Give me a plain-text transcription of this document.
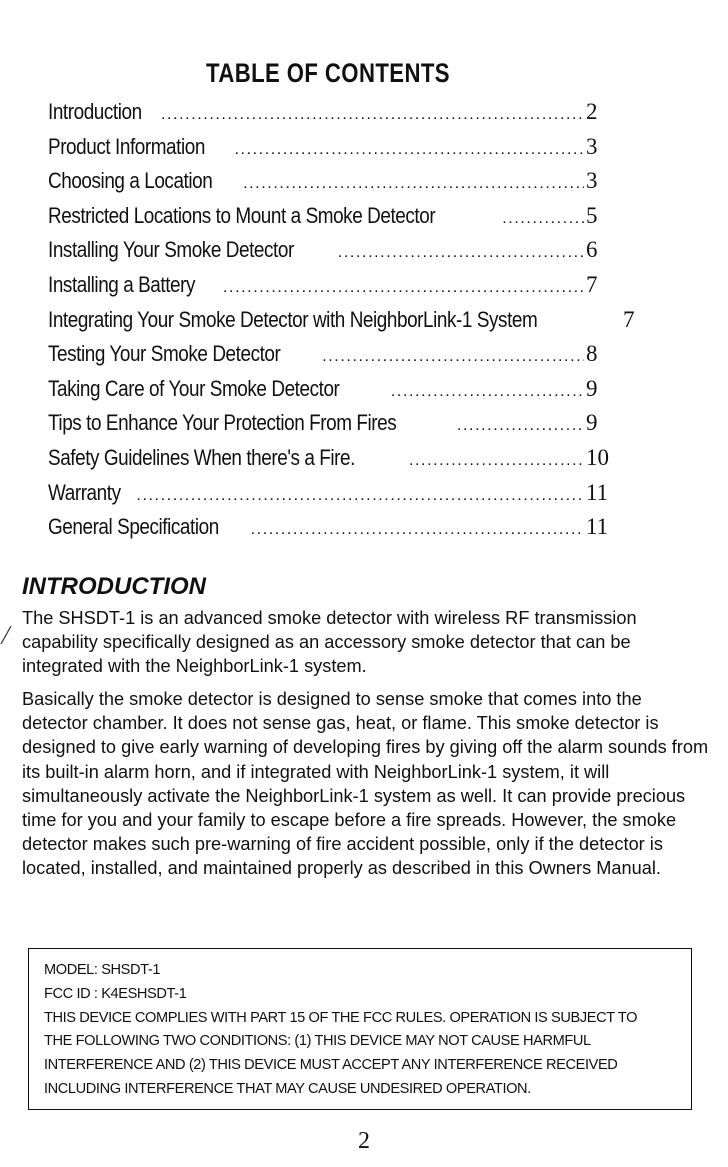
TABLE OF CONTENTS
Introduction .....	2
Product Information .....	3
Choosing a Location .....	3
Restricted Locations to Mount a Smoke Detector .....	5
Installing Your Smoke Detector .....	6
Installing a Battery .....	7
Integrating Your Smoke Detector with NeighborLink-1 System	7
Testing Your Smoke Detector .....	8
Taking Care of Your Smoke Detector .....	9
Tips to Enhance Your Protection From Fires .....	9
Safety Guidelines When there's a Fire. .....	10
Warranty .....	11
General Specification .....	11
INTRODUCTION

The SHSDT-1 is an advanced smoke detector with wireless RF transmission capability specifically designed as an accessory smoke detector that can be integrated with the NeighborLink-1 system.

Basically the smoke detector is designed to sense smoke that comes into the detector chamber. It does not sense gas, heat, or flame. This smoke detector is designed to give early warning of developing fires by giving off the alarm sounds from its built-in alarm horn, and if integrated with NeighborLink-1 system, it will simultaneously activate the NeighborLink-1 system as well. It can provide precious time for you and your family to escape before a fire spreads. However, the smoke detector makes such pre-warning of fire accident possible, only if the detector is located, installed, and maintained properly as described in this Owners Manual.

MODEL: SHSDT-1
FCC ID : K4ESHSDT-1
THIS DEVICE COMPLIES WITH PART 15 OF THE FCC RULES. OPERATION IS SUBJECT TO
THE FOLLOWING TWO CONDITIONS: (1) THIS DEVICE MAY NOT CAUSE HARMFUL
INTERFERENCE AND (2) THIS DEVICE MUST ACCEPT ANY INTERFERENCE RECEIVED
INCLUDING INTERFERENCE THAT MAY CAUSE UNDESIRED OPERATION.
2
